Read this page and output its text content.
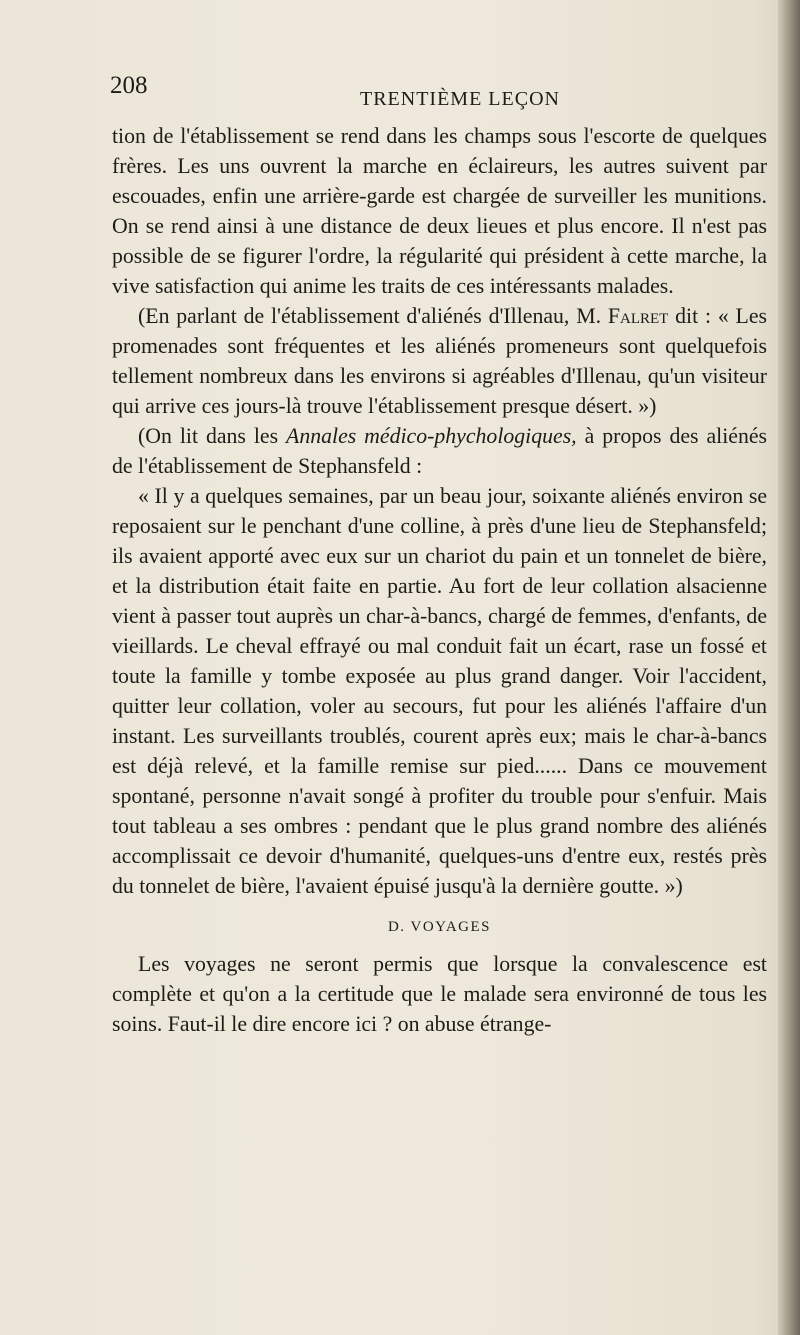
208	TRENTIÈME LEÇON

tion de l'établissement se rend dans les champs sous l'escorte de quelques frères. Les uns ouvrent la marche en éclaireurs, les autres suivent par escouades, enfin une arrière-garde est chargée de surveiller les munitions. On se rend ainsi à une distance de deux lieues et plus encore. Il n'est pas possible de se figurer l'ordre, la régularité qui président à cette marche, la vive satisfaction qui anime les traits de ces intéressants malades.

(En parlant de l'établissement d'aliénés d'Illenau, M. Falret dit : « Les promenades sont fréquentes et les aliénés promeneurs sont quelquefois tellement nombreux dans les environs si agréables d'Illenau, qu'un visiteur qui arrive ces jours-là trouve l'établissement presque désert. »)

(On lit dans les Annales médico-phychologiques, à propos des aliénés de l'établissement de Stephansfeld :

« Il y a quelques semaines, par un beau jour, soixante aliénés environ se reposaient sur le penchant d'une colline, à près d'une lieu de Stephansfeld; ils avaient apporté avec eux sur un chariot du pain et un tonnelet de bière, et la distribution était faite en partie. Au fort de leur collation alsacienne vient à passer tout auprès un char-à-bancs, chargé de femmes, d'enfants, de vieillards. Le cheval effrayé ou mal conduit fait un écart, rase un fossé et toute la famille y tombe exposée au plus grand danger. Voir l'accident, quitter leur collation, voler au secours, fut pour les aliénés l'affaire d'un instant. Les surveillants troublés, courent après eux; mais le char-à-bancs est déjà relevé, et la famille remise sur pied...... Dans ce mouvement spontané, personne n'avait songé à profiter du trouble pour s'enfuir. Mais tout tableau a ses ombres : pendant que le plus grand nombre des aliénés accomplissait ce devoir d'humanité, quelques-uns d'entre eux, restés près du tonnelet de bière, l'avaient épuisé jusqu'à la dernière goutte. »)

D. VOYAGES

Les voyages ne seront permis que lorsque la convalescence est complète et qu'on a la certitude que le malade sera environné de tous les soins. Faut-il le dire encore ici ? on abuse étrange-
